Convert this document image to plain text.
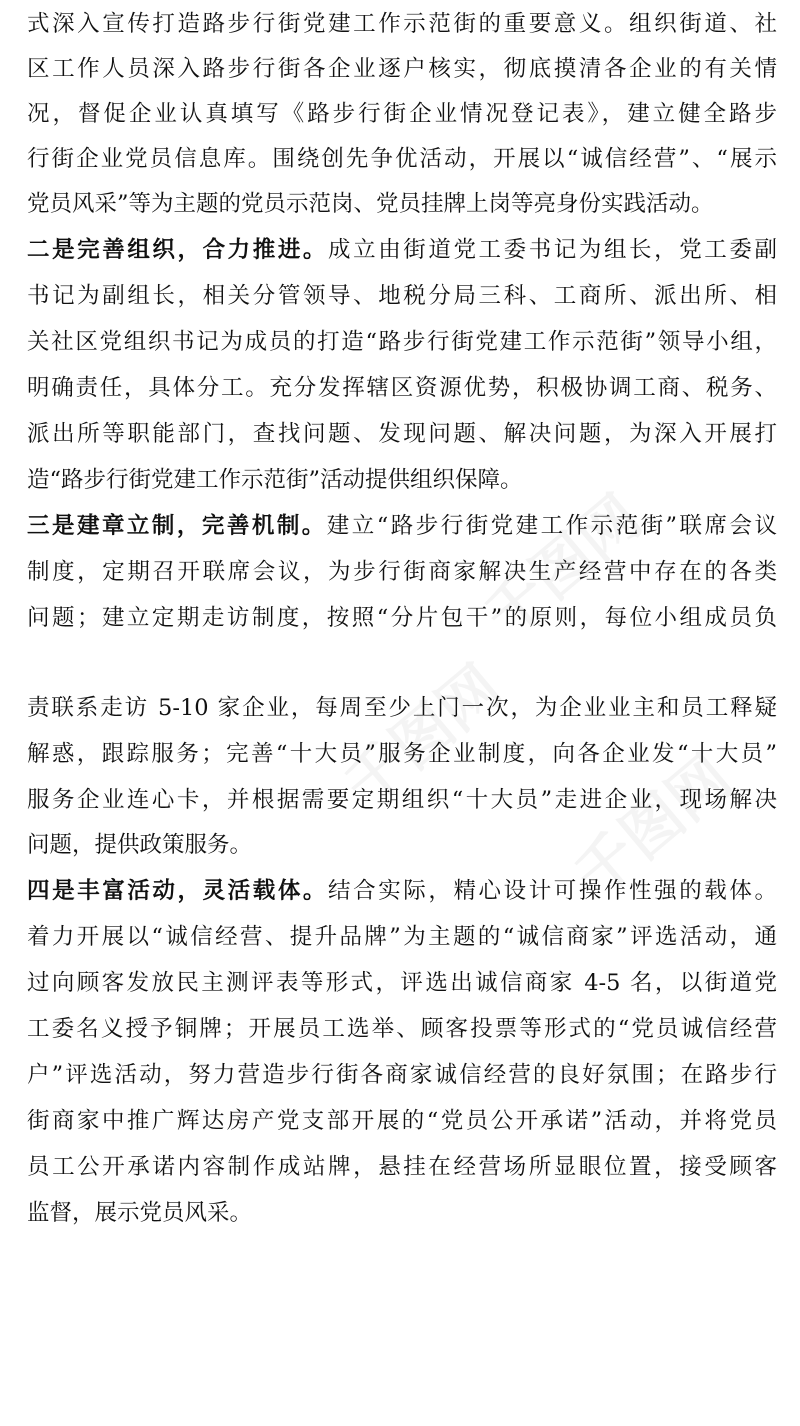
式深入宣传打造路步行街党建工作示范街的重要意义。组织街道、社
区工作人员深入路步行街各企业逐户核实，彻底摸清各企业的有关情
况，督促企业认真填写《路步行街企业情况登记表》，建立健全路步
行街企业党员信息库。围绕创先争优活动，开展以“诚信经营”、“展示
党员风采”等为主题的党员示范岗、党员挂牌上岗等亮身份实践活动。
二是完善组织，合力推进。成立由街道党工委书记为组长，党工委副
书记为副组长，相关分管领导、地税分局三科、工商所、派出所、相
关社区党组织书记为成员的打造“路步行街党建工作示范街”领导小组，
明确责任，具体分工。充分发挥辖区资源优势，积极协调工商、税务、
派出所等职能部门，查找问题、发现问题、解决问题，为深入开展打
造“路步行街党建工作示范街”活动提供组织保障。
三是建章立制，完善机制。建立“路步行街党建工作示范街”联席会议
制度，定期召开联席会议，为步行街商家解决生产经营中存在的各类
问题；建立定期走访制度，按照“分片包干”的原则，每位小组成员负
责联系走访 5-10 家企业，每周至少上门一次，为企业业主和员工释疑
解惑，跟踪服务；完善“十大员”服务企业制度，向各企业发“十大员”
服务企业连心卡，并根据需要定期组织“十大员”走进企业，现场解决
问题，提供政策服务。
四是丰富活动，灵活载体。结合实际，精心设计可操作性强的载体。
着力开展以“诚信经营、提升品牌”为主题的“诚信商家”评选活动，通
过向顾客发放民主测评表等形式，评选出诚信商家 4-5 名，以街道党
工委名义授予铜牌；开展员工选举、顾客投票等形式的“党员诚信经营
户”评选活动，努力营造步行街各商家诚信经营的良好氛围；在路步行
街商家中推广辉达房产党支部开展的“党员公开承诺”活动，并将党员
员工公开承诺内容制作成站牌，悬挂在经营场所显眼位置，接受顾客
监督，展示党员风采。
